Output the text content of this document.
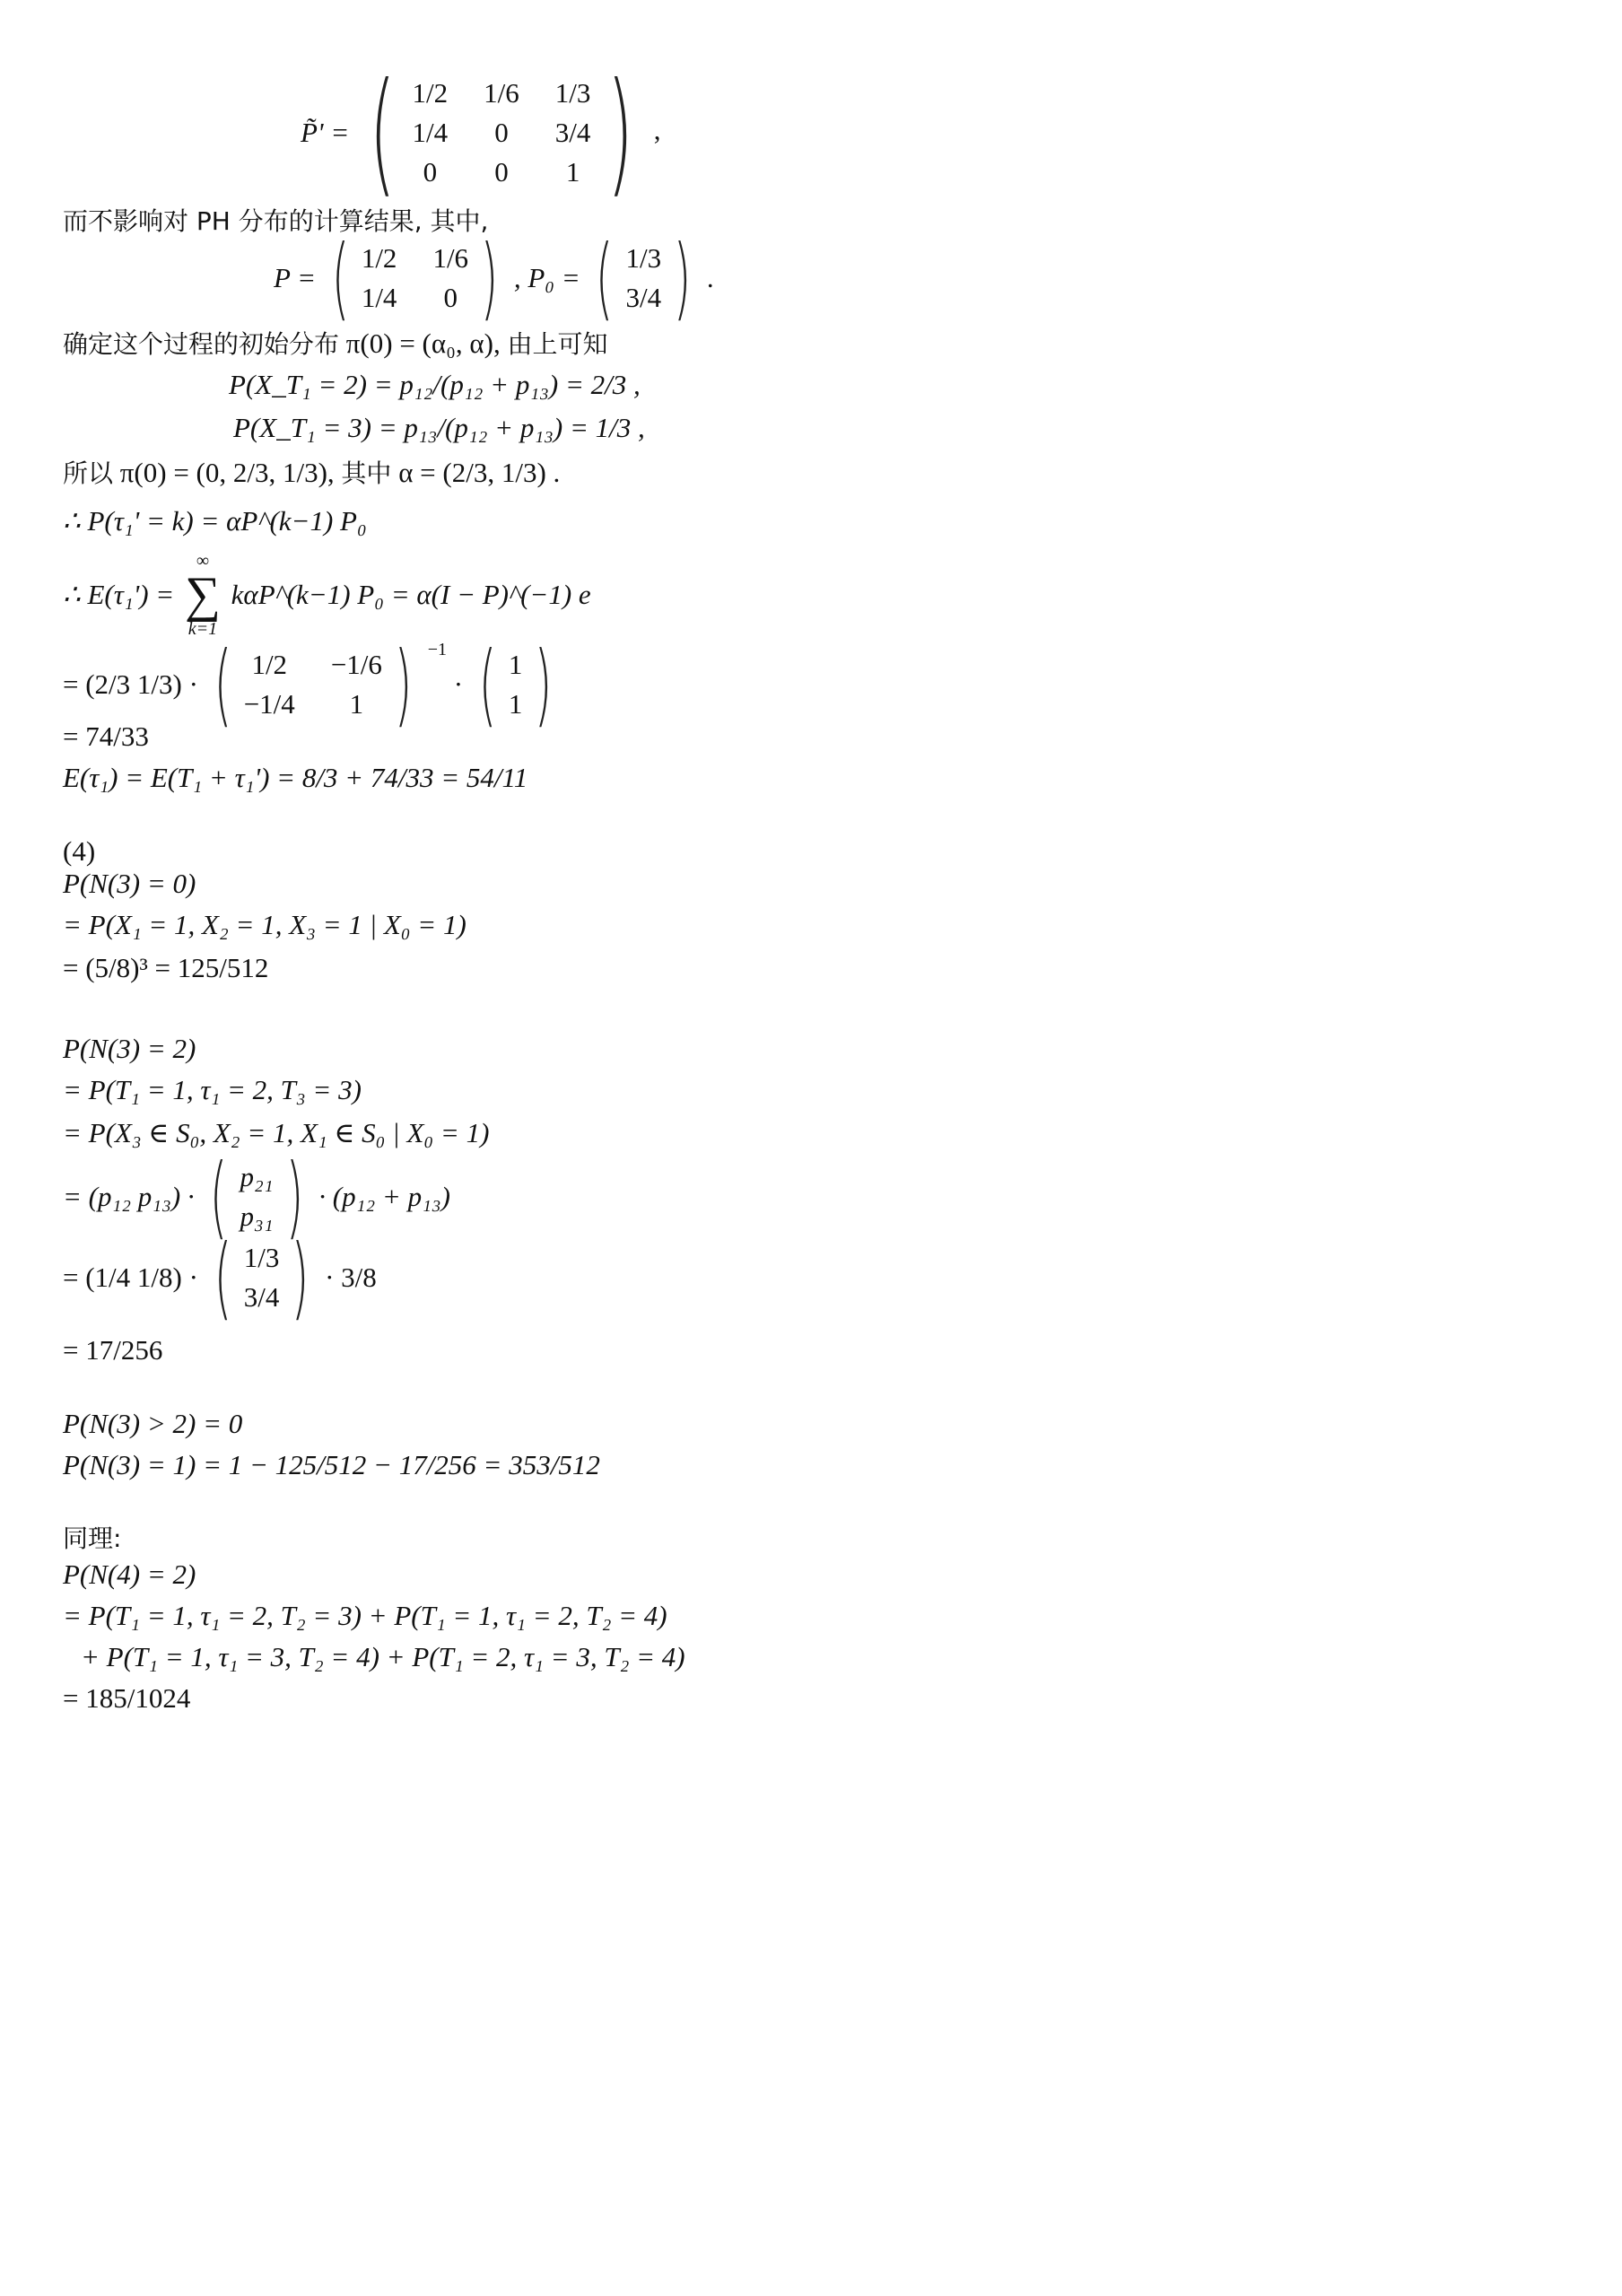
P̃' = ( 1/2 1/6 1/3
1/4	0	3/4
0	0	1 ) ,
而不影响对 PH 分布的计算结果, 其中,
P = ( 1/2 1/6
1/4	0 ) , P₀ = ( 1/3
3/4 ) .
确定这个过程的初始分布 π(0) = (α₀, α), 由上可知
P(X_T₁ = 2) = p₁₂/(p₁₂ + p₁₃) = 2/3 ,
P(X_T₁ = 3) = p₁₃/(p₁₂ + p₁₃) = 1/3 ,
所以 π(0) = (0, 2/3, 1/3), 其中 α = (2/3, 1/3) .
∴ P(τ₁' = k) = αP^(k−1) P₀
∴ E(τ₁') =
∞
∑
k=1
kαP^(k−1) P₀ = α(I − P)^(−1) e
= (2/3 1/3) · ( 1/2 −1/6
−1/4	1 ) $^{-1}$ · ( 1
1 )
= 74/33
E(τ₁) = E(T₁ + τ₁') = 8/3 + 74/33 = 54/11
(4)
P(N(3) = 0)
= P(X₁ = 1, X₂ = 1, X₃ = 1 | X₀ = 1)
= (5/8)³ = 125/512
P(N(3) = 2)
= P(T₁ = 1, τ₁ = 2, T₃ = 3)
= P(X₃ ∈ S₀, X₂ = 1, X₁ ∈ S₀ | X₀ = 1)
= (p₁₂ p₁₃) · ( p₂₁
p₃₁ ) · (p₁₂ + p₁₃)
= (1/4 1/8) · ( 1/3
3/4 ) · 3/8
= 17/256
P(N(3) > 2) = 0
P(N(3) = 1) = 1 − 125/512 − 17/256 = 353/512
同理:
P(N(4) = 2)
= P(T₁ = 1, τ₁ = 2, T₂ = 3) + P(T₁ = 1, τ₁ = 2, T₂ = 4)
+ P(T₁ = 1, τ₁ = 3, T₂ = 4) + P(T₁ = 2, τ₁ = 3, T₂ = 4)
= 185/1024
